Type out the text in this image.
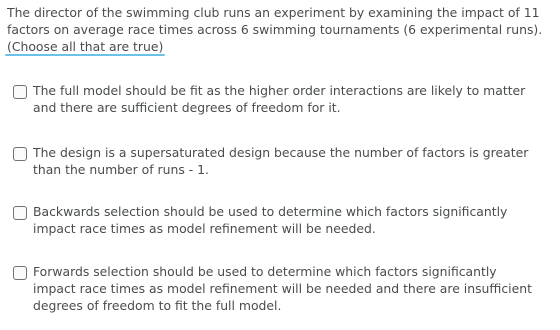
The director of the swimming club runs an experiment by examining the impact of 11
factors on average race times across 6 swimming tournaments (6 experimental runs).
(Choose all that are true)
The full model should be fit as the higher order interactions are likely to matter
and there are sufficient degrees of freedom for it.
The design is a supersaturated design because the number of factors is greater
than the number of runs - 1.
Backwards selection should be used to determine which factors significantly
impact race times as model refinement will be needed.
Forwards selection should be used to determine which factors significantly
impact race times as model refinement will be needed and there are insufficient
degrees of freedom to fit the full model.
